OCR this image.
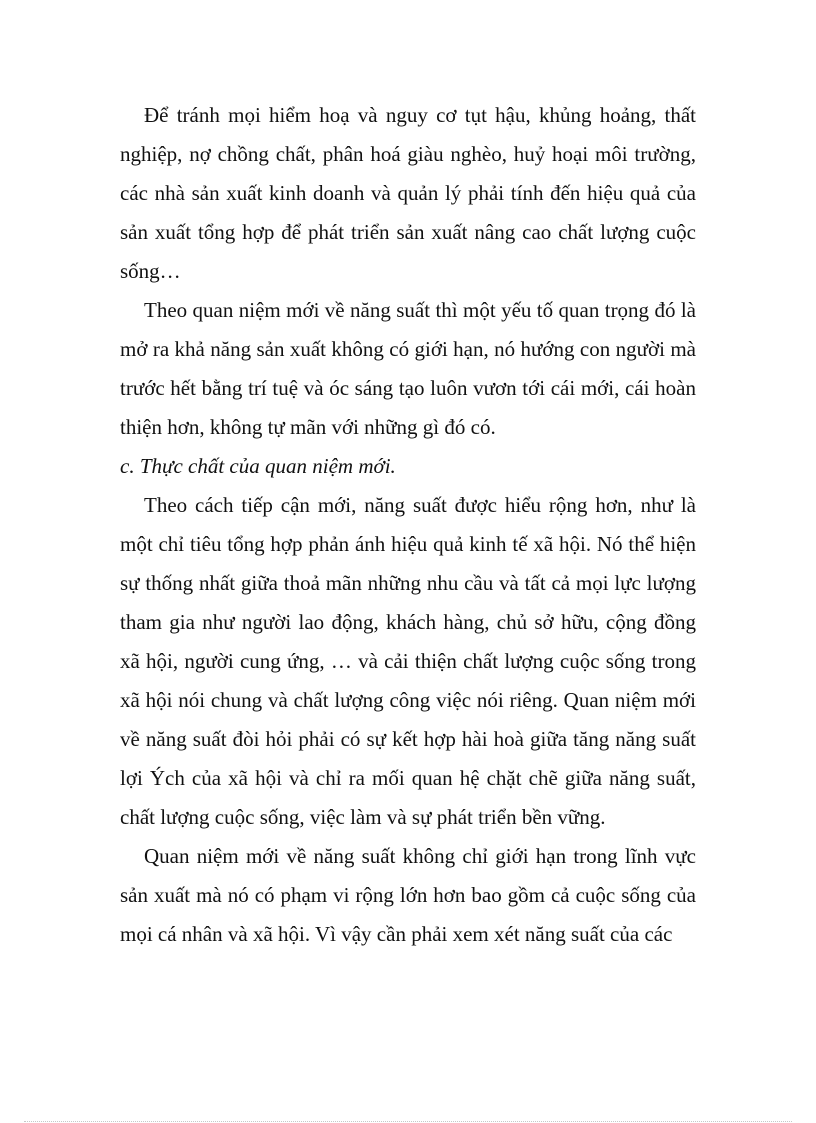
Để tránh mọi hiểm hoạ và nguy cơ tụt hậu, khủng hoảng, thất nghiệp, nợ chồng chất, phân hoá giàu nghèo, huỷ hoại môi trường, các nhà sản xuất kinh doanh và quản lý phải tính đến hiệu quả của sản xuất tổng hợp để phát triển sản xuất nâng cao chất lượng cuộc sống…

Theo quan niệm mới về năng suất thì một yếu tố quan trọng đó là mở ra khả năng sản xuất không có giới hạn, nó hướng con người mà trước hết bằng trí tuệ và óc sáng tạo luôn vươn tới cái mới, cái hoàn thiện hơn, không tự mãn với những gì đó có.

c. Thực chất của quan niệm mới.

Theo cách tiếp cận mới, năng suất được hiểu rộng hơn, như là một chỉ tiêu tổng hợp phản ánh hiệu quả kinh tế xã hội. Nó thể hiện sự thống nhất giữa thoả mãn những nhu cầu và tất cả mọi lực lượng tham gia như người lao động, khách hàng, chủ sở hữu, cộng đồng xã hội, người cung ứng, … và cải thiện chất lượng cuộc sống trong xã hội nói chung và chất lượng công việc nói riêng. Quan niệm mới về năng suất đòi hỏi phải có sự kết hợp hài hoà giữa tăng năng suất lợi Ých của xã hội và chỉ ra mối quan hệ chặt chẽ giữa năng suất, chất lượng cuộc sống, việc làm và sự phát triển bền vững.

Quan niệm mới về năng suất không chỉ giới hạn trong lĩnh vực sản xuất mà nó có phạm vi rộng lớn hơn bao gồm cả cuộc sống của mọi cá nhân và xã hội. Vì vậy cần phải xem xét năng suất của các
